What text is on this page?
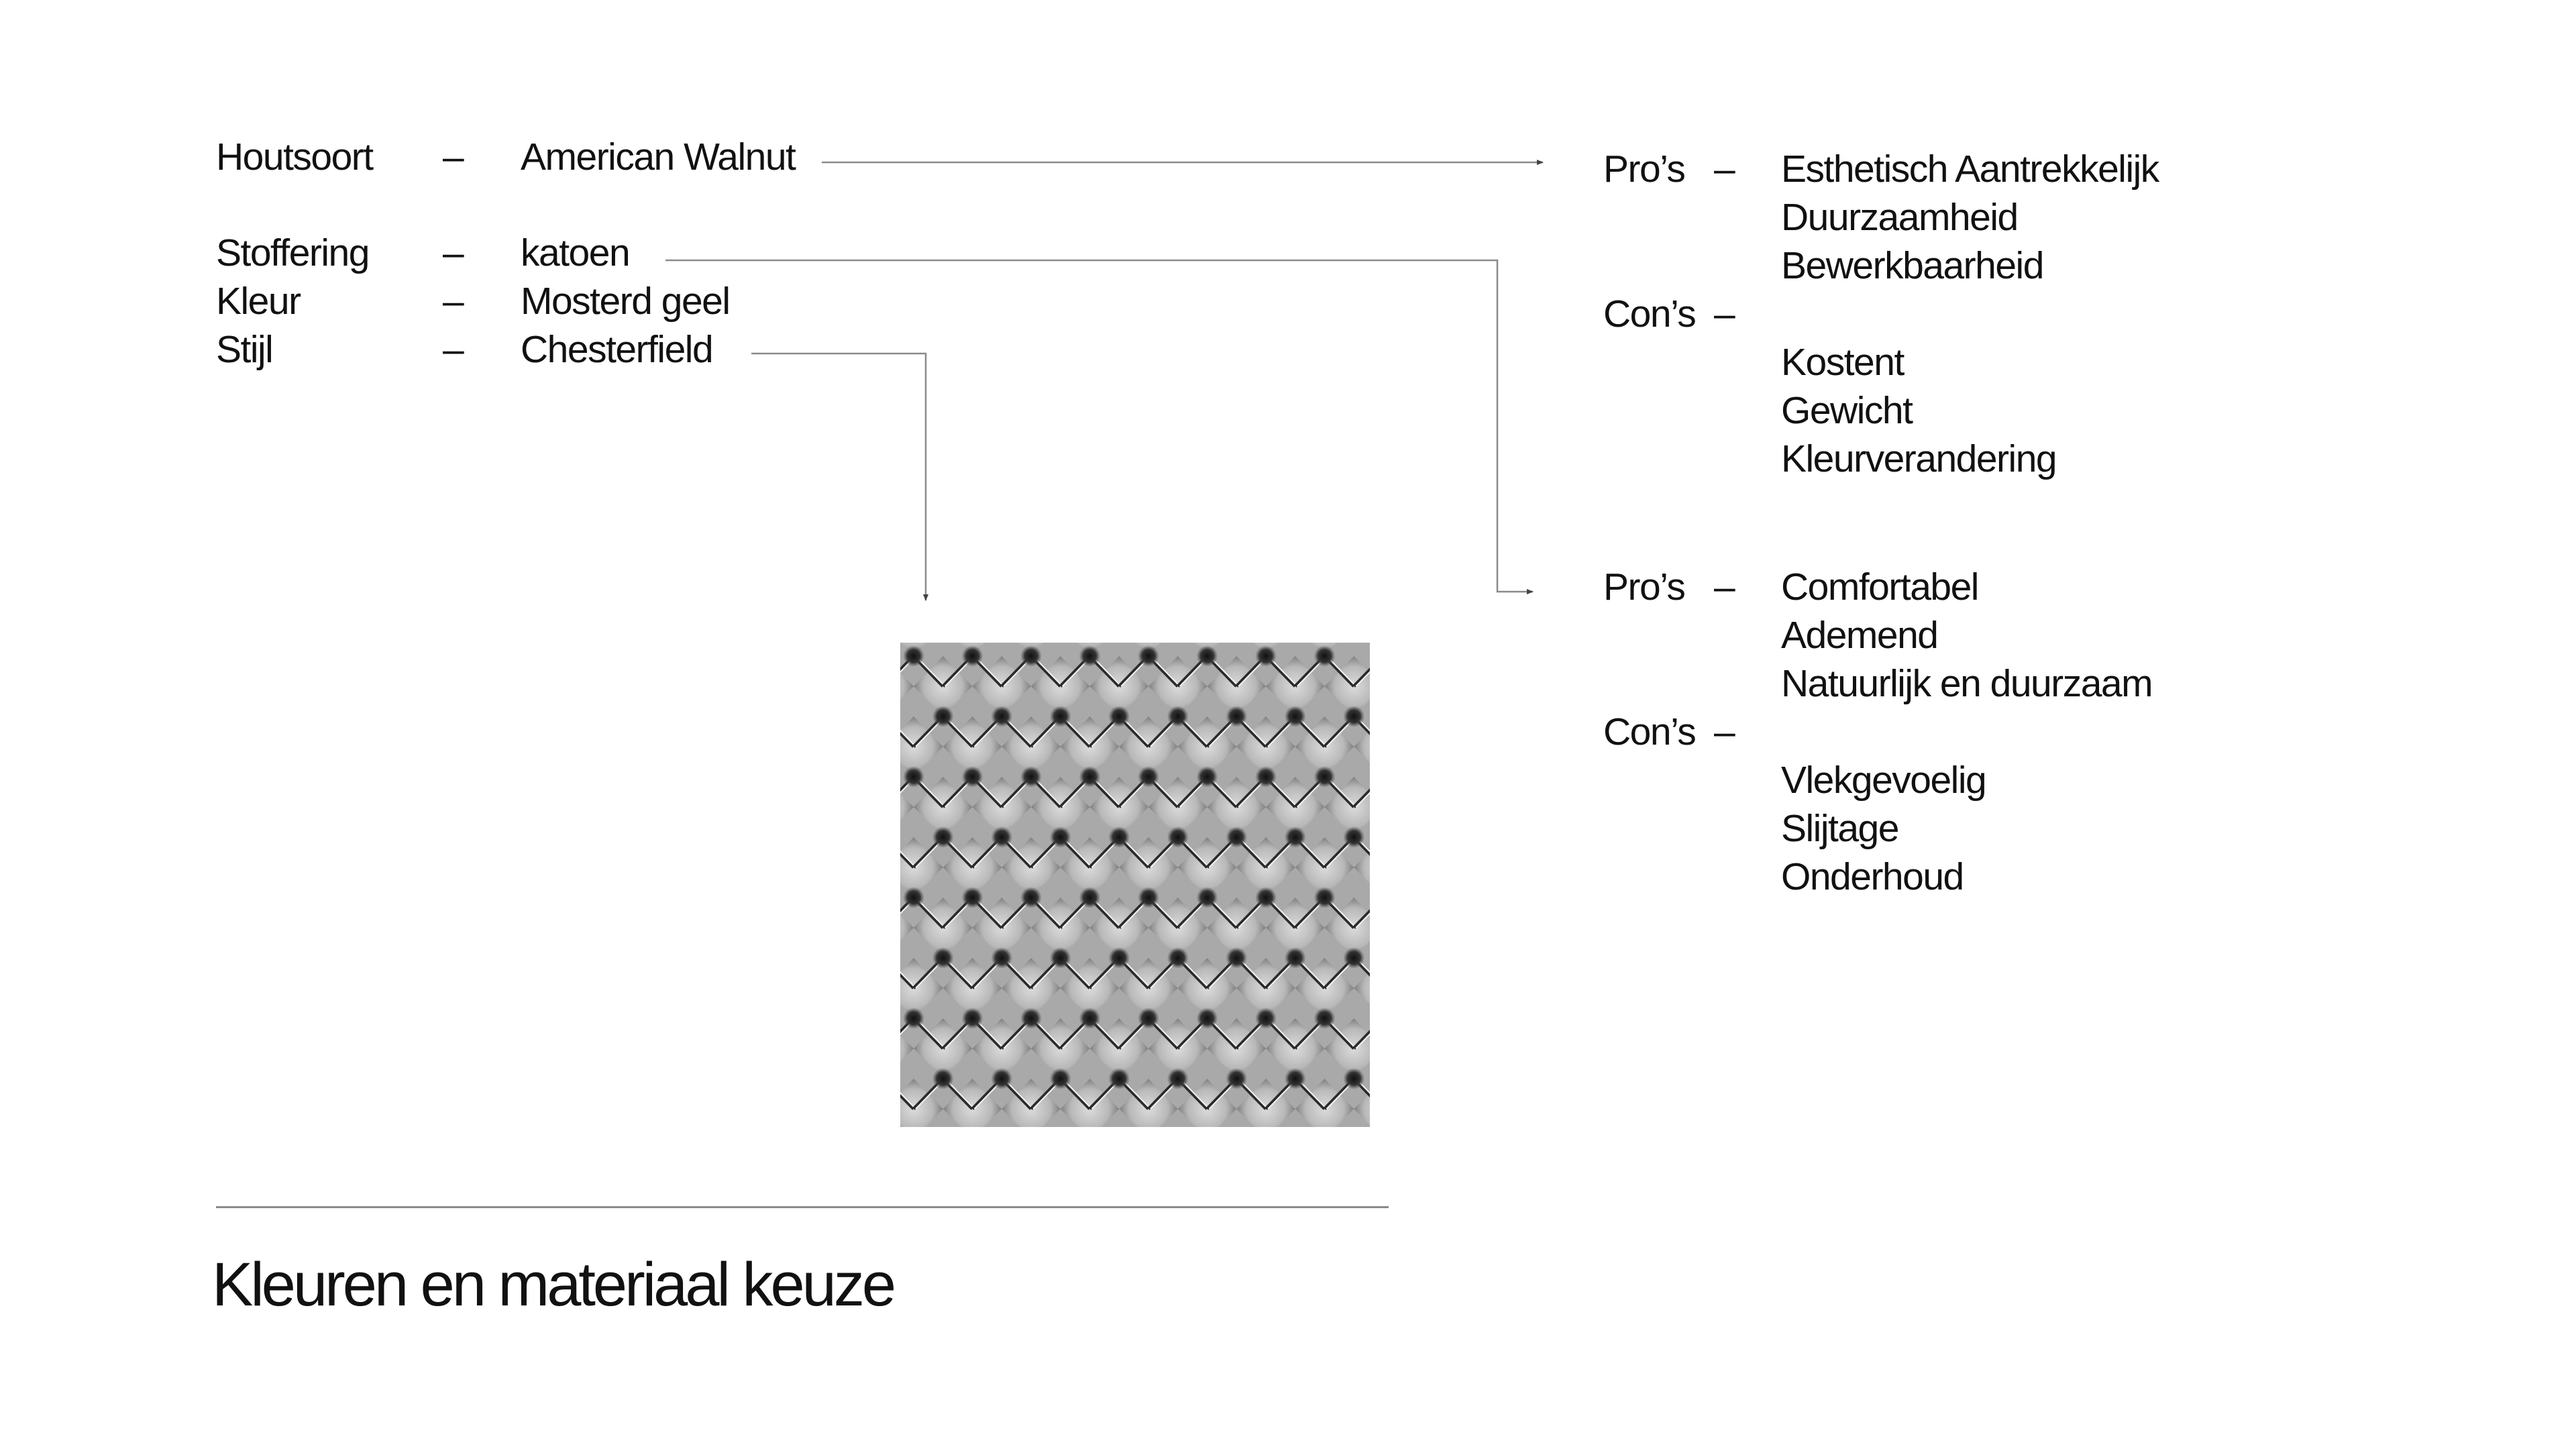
Houtsoort – American Walnut
Stoffering – katoen
Kleur	– Mosterd geel
Stijl	– Chesterfield
Pro’s – Esthetisch Aantrekkelijk
Duurzaamheid
Bewerkbaarheid
Con’s –
Kostent
Gewicht
Kleurverandering
Pro’s – Comfortabel
Ademend
Natuurlijk en duurzaam
Con’s –
Vlekgevoelig
Slijtage
Onderhoud
Kleuren en materiaal keuze
